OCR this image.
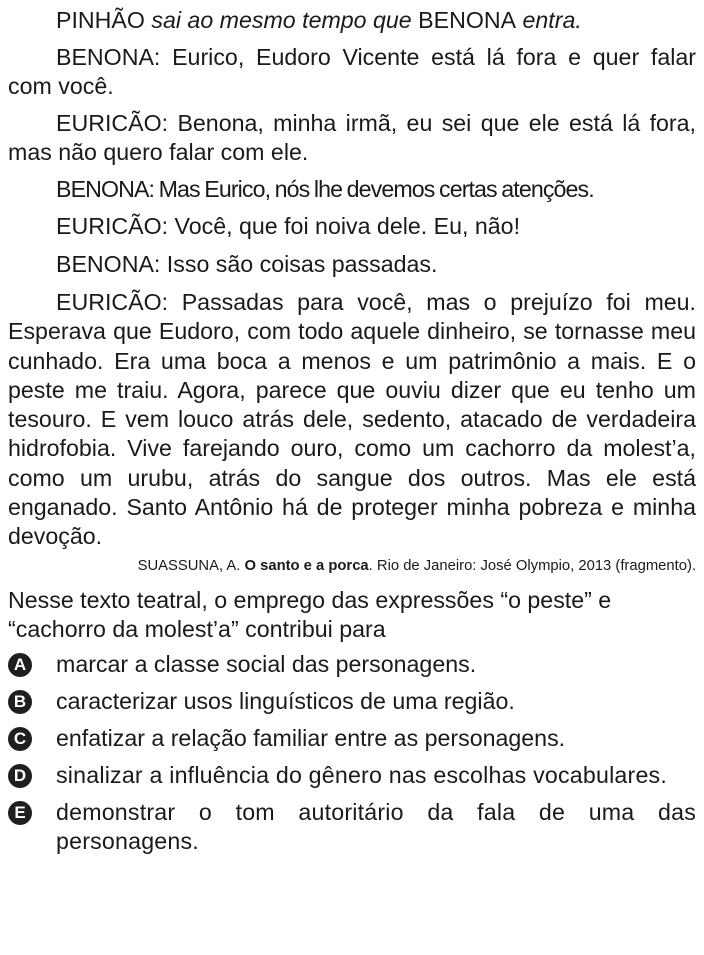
PINHÃO sai ao mesmo tempo que BENONA entra.

BENONA: Eurico, Eudoro Vicente está lá fora e quer falar com você.

EURICÃO: Benona, minha irmã, eu sei que ele está lá fora, mas não quero falar com ele.

BENONA: Mas Eurico, nós lhe devemos certas atenções.

EURICÃO: Você, que foi noiva dele. Eu, não!

BENONA: Isso são coisas passadas.

EURICÃO: Passadas para você, mas o prejuízo foi meu. Esperava que Eudoro, com todo aquele dinheiro, se tornasse meu cunhado. Era uma boca a menos e um patrimônio a mais. E o peste me traiu. Agora, parece que ouviu dizer que eu tenho um tesouro. E vem louco atrás dele, sedento, atacado de verdadeira hidrofobia. Vive farejando ouro, como um cachorro da molest’a, como um urubu, atrás do sangue dos outros. Mas ele está enganado. Santo Antônio há de proteger minha pobreza e minha devoção.

SUASSUNA, A. O santo e a porca. Rio de Janeiro: José Olympio, 2013 (fragmento).

Nesse texto teatral, o emprego das expressões “o peste” e “cachorro da molest’a” contribui para

A marcar a classe social das personagens.
B caracterizar usos linguísticos de uma região.
C enfatizar a relação familiar entre as personagens.
D sinalizar a influência do gênero nas escolhas vocabulares.
E demonstrar o tom autoritário da fala de uma das personagens.
